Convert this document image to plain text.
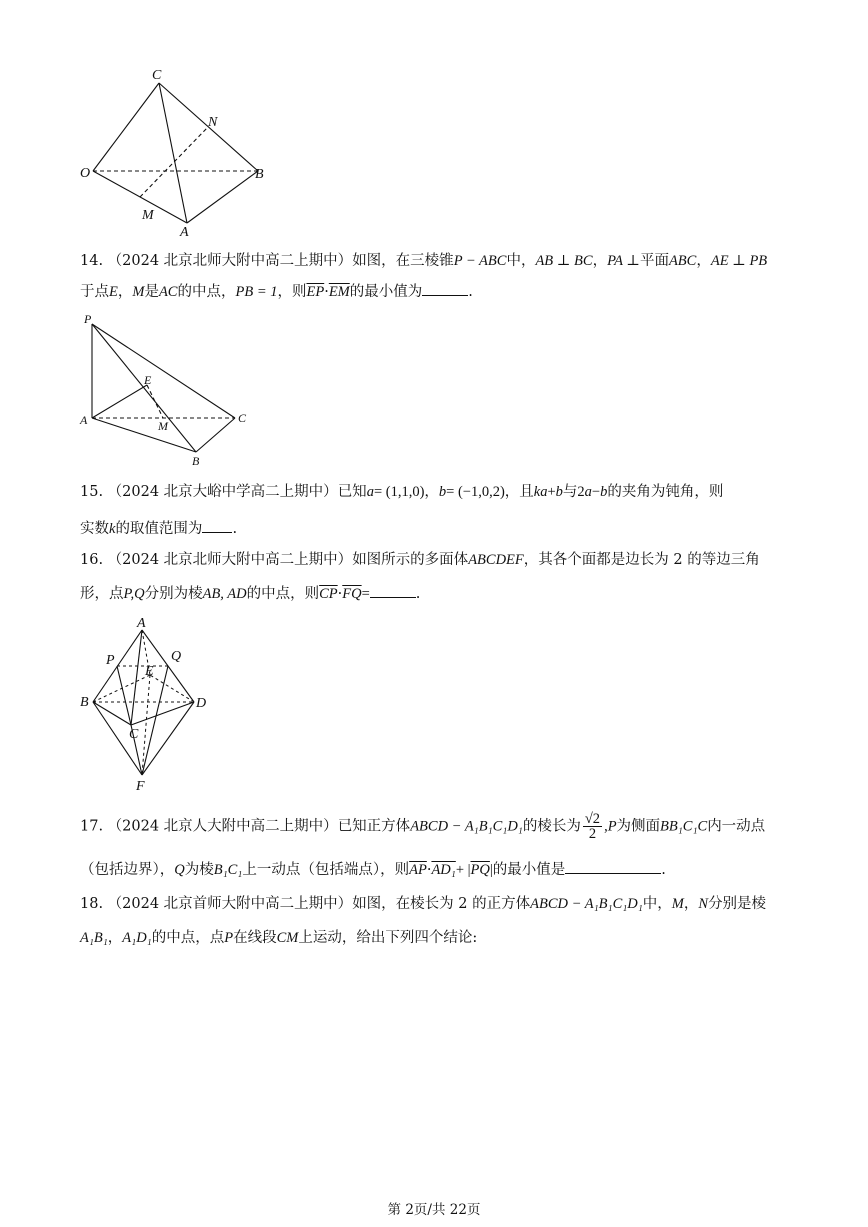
C
N
O	B
M
A
14. （2024 北京北师大附中高二上期中）如图，在三棱锥P − ABC中，AB ⊥ BC，PA ⊥平面ABC，AE ⊥ PB
于点E，M是AC的中点，PB = 1，则$\overline{EP}\cdot\overline{EM}$的最小值为	.
P
E
A	M
C
B
15. （2024 北京大峪中学高二上期中）已知a= (1,1,0)，b= (−1,0,2)，且ka+b与2a−b的夹角为钝角，则
实数k的取值范围为 .
16. （2024 北京北师大附中高二上期中）如图所示的多面体ABCDEF，其各个面都是边长为 2 的等边三角
形，点P,Q分别为棱AB, AD的中点，则$\overline{CP}\cdot\overline{FQ}=$	.
A
P	Q
E
B	D
C
F
17. （2024 北京人大附中高二上期中）已知正方体ABCD − A₁B₁C₁D₁的棱长为 $\frac{√2}{2} ,P$为侧面BB₁C₁C内一动点
（包括边界），Q为棱B₁C₁上一动点（包括端点），则$\overline{AP}\cdot AD_1+ |\overline{PQ}|$的最小值是	.
18. （2024 北京首师大附中高二上期中）如图，在棱长为 2 的正方体ABCD − A₁B₁C₁D₁中，M，N分别是棱
A₁B₁，A₁D₁的中点，点P在线段CM上运动，给出下列四个结论:
第 2页/共 22页
